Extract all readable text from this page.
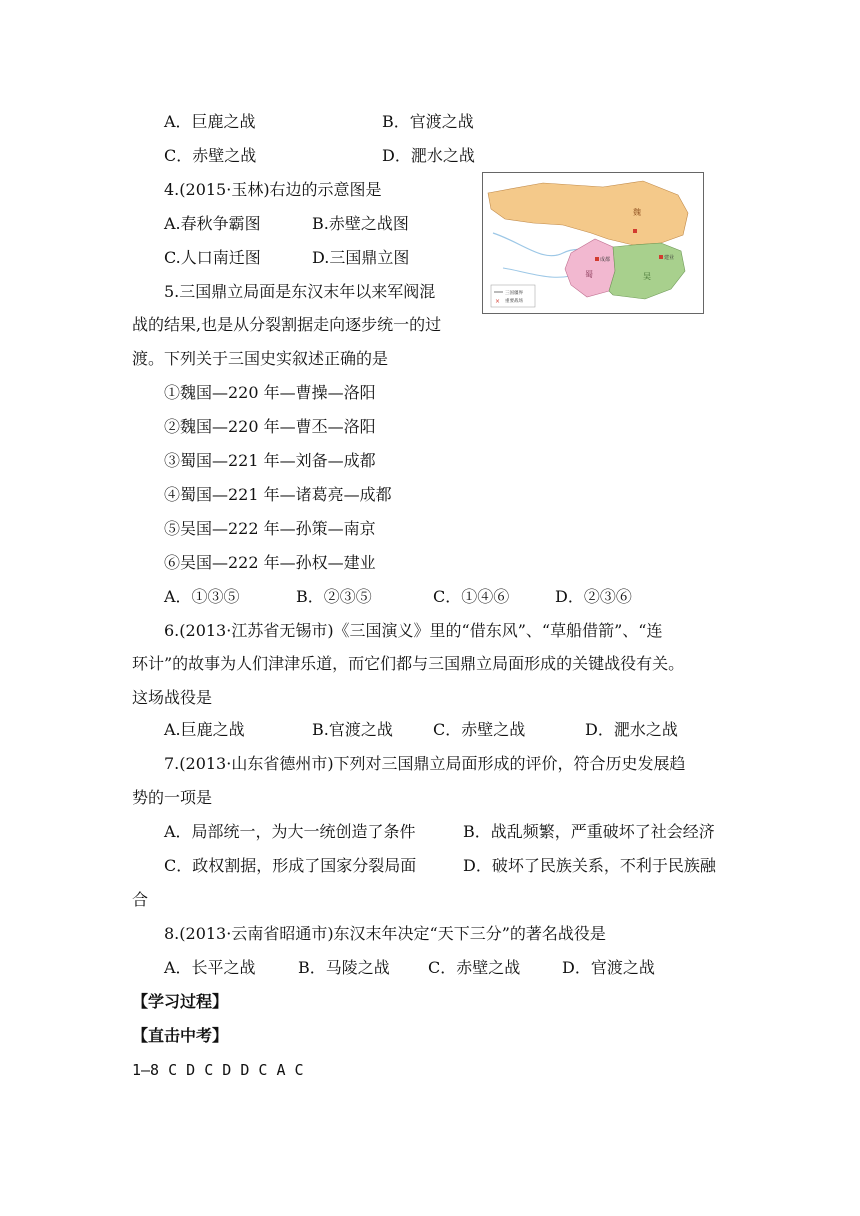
A．巨鹿之战	B．官渡之战
C．赤壁之战	D．淝水之战
4.(2015·玉林)右边的示意图是
A.春秋争霸图	B.赤壁之战图
C.人口南迁图	D.三国鼎立图
魏
蜀	吴
成都	建业
三国疆界
× 重要战场
5.三国鼎立局面是东汉末年以来军阀混
战的结果,也是从分裂割据走向逐步统一的过
渡。下列关于三国史实叙述正确的是
①魏国—220 年—曹操—洛阳
②魏国—220 年—曹丕—洛阳
③蜀国—221 年—刘备—成都
④蜀国—221 年—诸葛亮—成都
⑤吴国—222 年—孙策—南京
⑥吴国—222 年—孙权—建业
A．①③⑤	B．②③⑤	C．①④⑥	D．②③⑥
6.(2013·江苏省无锡市)《三国演义》里的“借东风”、“草船借箭”、“连
环计”的故事为人们津津乐道，而它们都与三国鼎立局面形成的关键战役有关。
这场战役是
A.巨鹿之战	B.官渡之战	C．赤壁之战	D．淝水之战
7.(2013·山东省德州市)下列对三国鼎立局面形成的评价，符合历史发展趋
势的一项是
A．局部统一，为大一统创造了条件	B．战乱频繁，严重破坏了社会经济
C．政权割据，形成了国家分裂局面	D．破坏了民族关系，不利于民族融
合
8.(2013·云南省昭通市)东汉末年决定“天下三分”的著名战役是
A．长平之战	B．马陵之战 C．赤壁之战	D．官渡之战
【学习过程】
【直击中考】
1—8 C D C D D C A C
